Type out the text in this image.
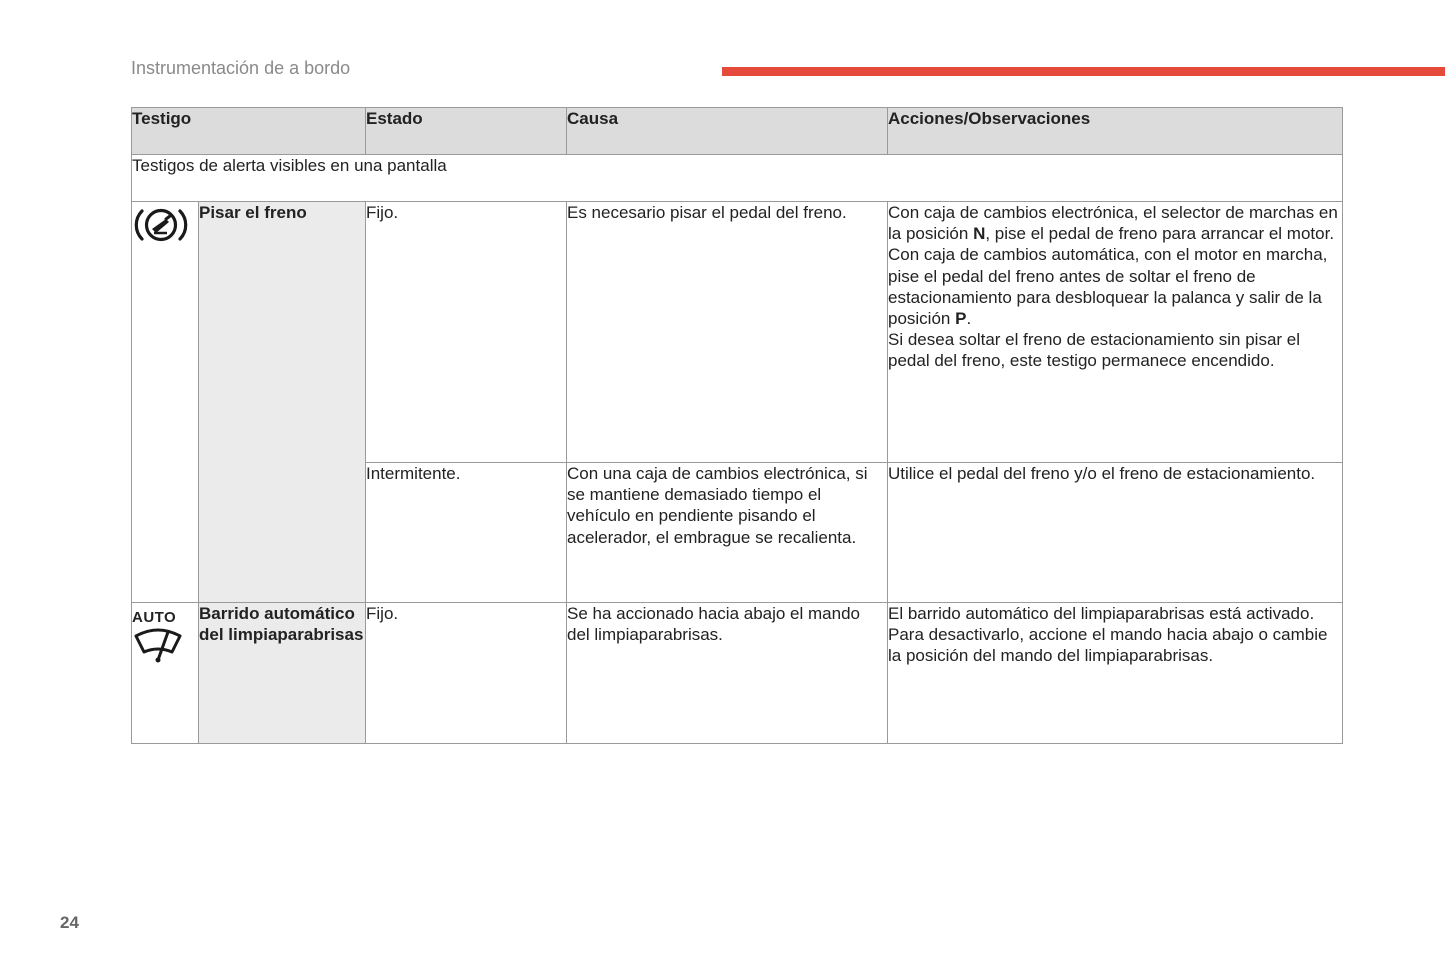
Instrumentación de a bordo
Testigo		Estado	Causa	Acciones/Observaciones
Testigos de alerta visibles en una pantalla				
	Pisar el freno	Fijo.	Es necesario pisar el pedal del freno.	Con caja de cambios electrónica, el selector de marchas en la posición N, pise el pedal de freno para arrancar el motor.
Con caja de cambios automática, con el motor en marcha, pise el pedal del freno antes de soltar el freno de estacionamiento para desbloquear la palanca y salir de la posición P.
Si desea soltar el freno de estacionamiento sin pisar el pedal del freno, este testigo permanece encendido.
		Intermitente.	Con una caja de cambios electrónica, si se mantiene demasiado tiempo el vehículo en pendiente pisando el acelerador, el embrague se recalienta.	Utilice el pedal del freno y/o el freno de estacionamiento.

AUTO	Barrido automático del limpiaparabrisas	Fijo.	Se ha accionado hacia abajo el mando del limpiaparabrisas.	El barrido automático del limpiaparabrisas está activado.
Para desactivarlo, accione el mando hacia abajo o cambie la posición del mando del limpiaparabrisas.
24
